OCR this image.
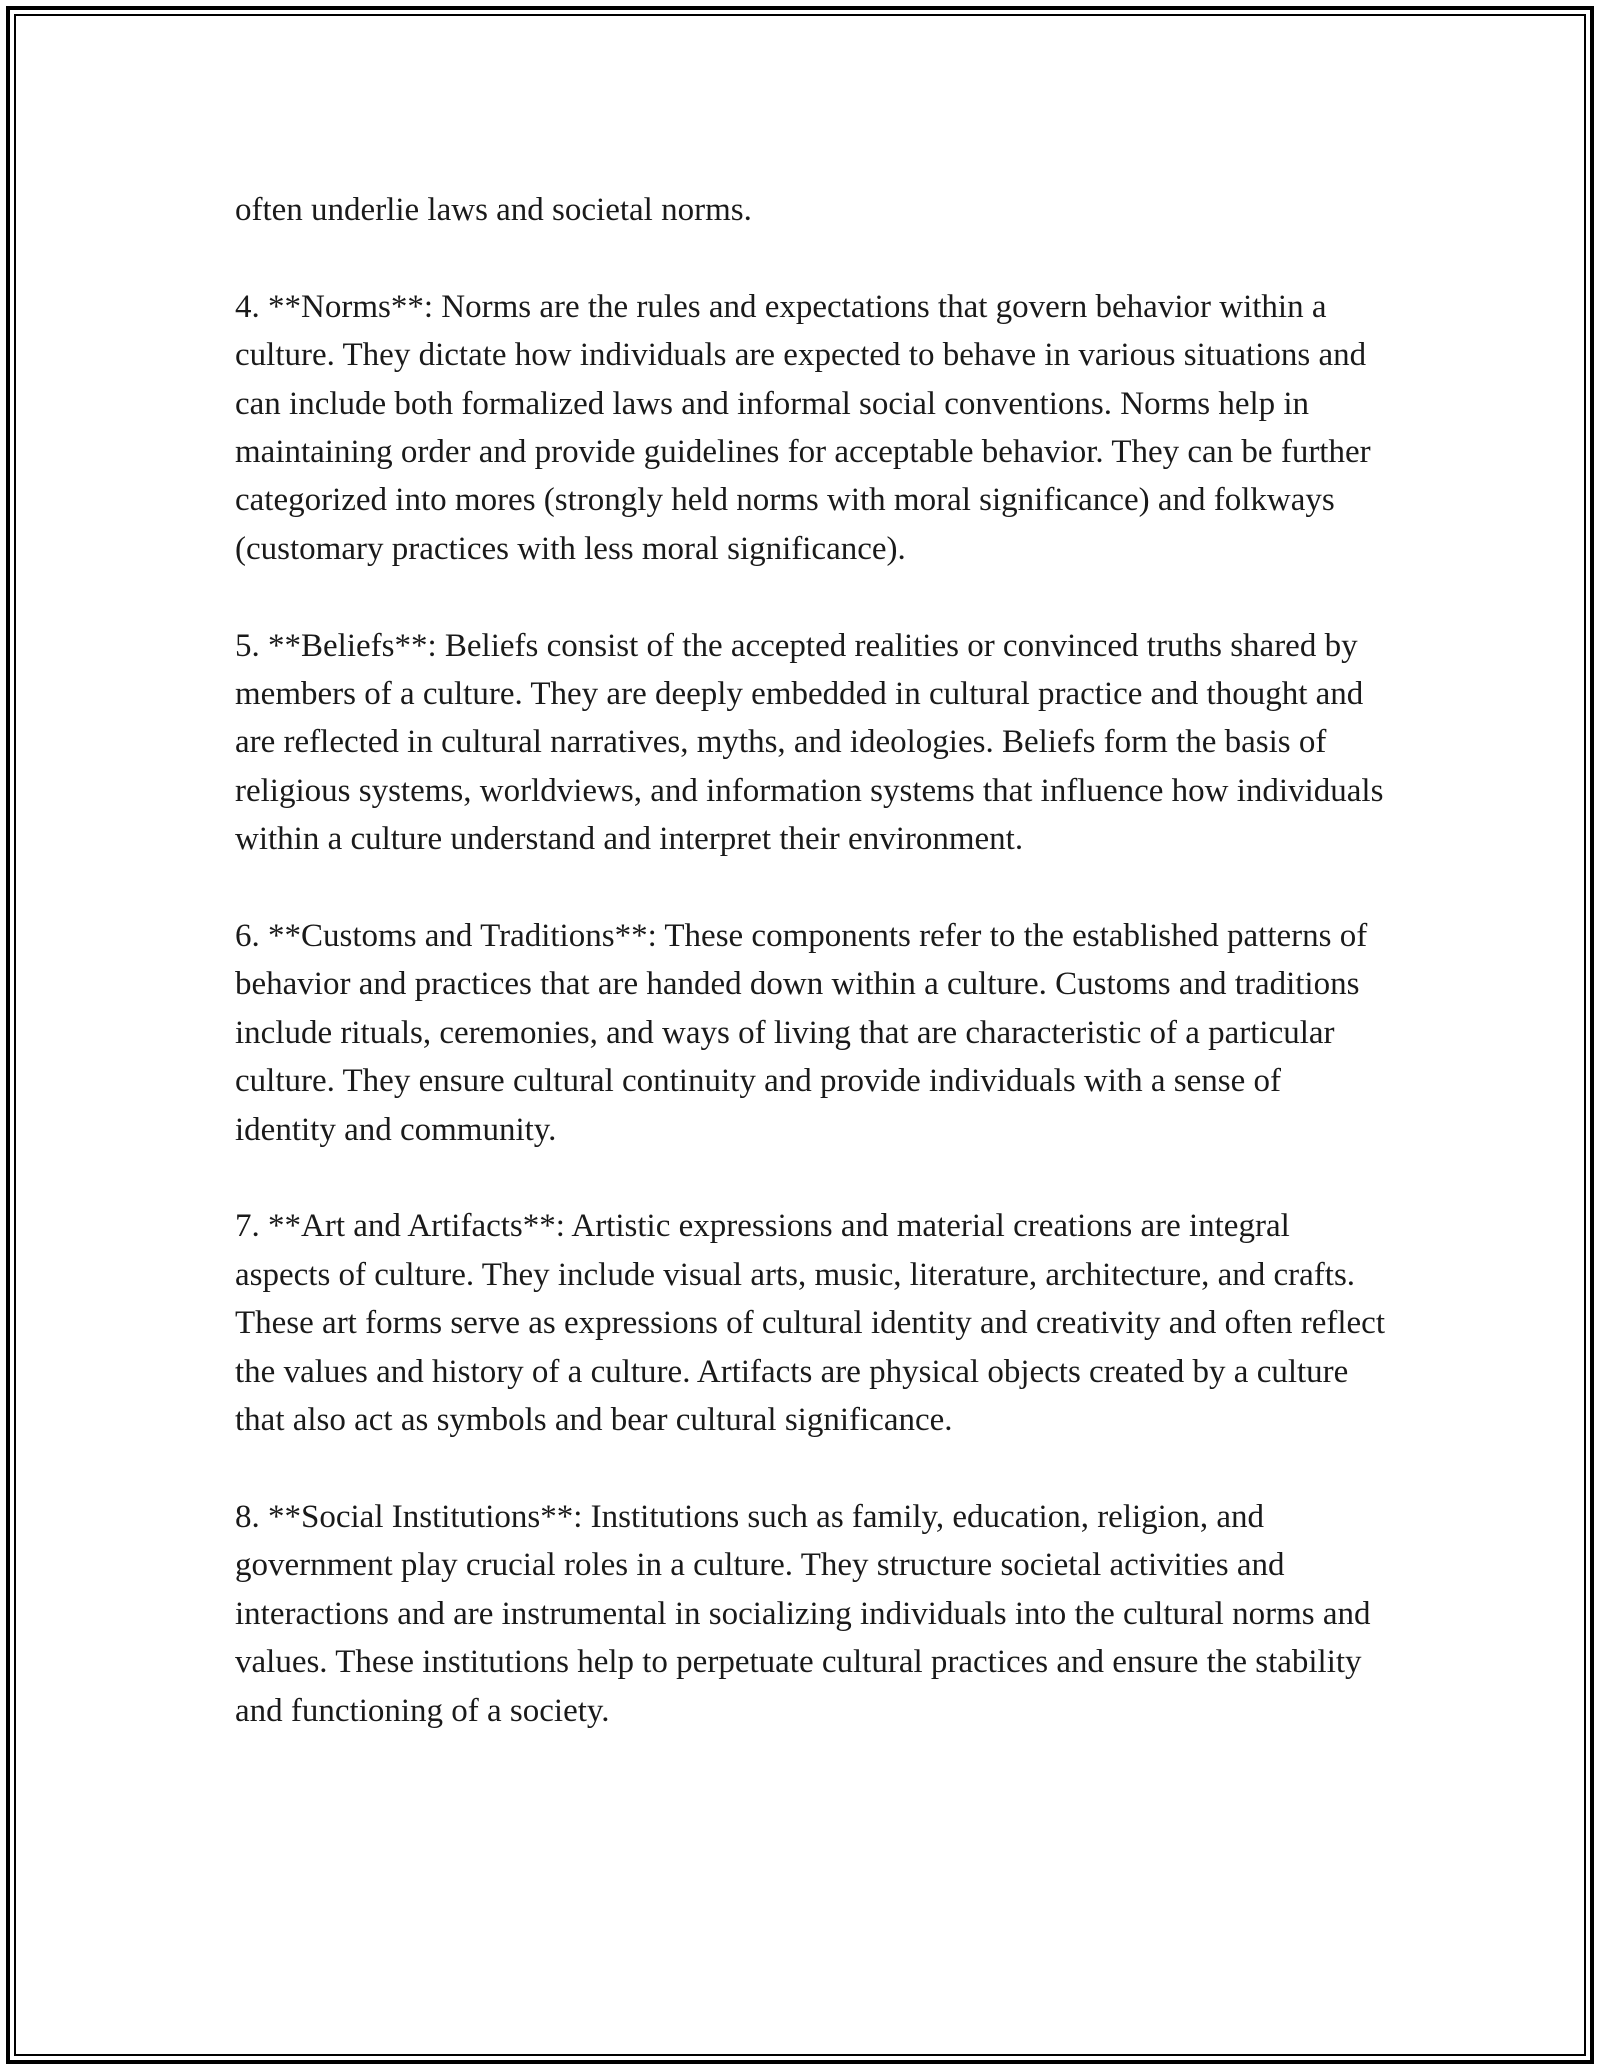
often underlie laws and societal norms.

4. **Norms**: Norms are the rules and expectations that govern behavior within a culture. They dictate how individuals are expected to behave in various situations and can include both formalized laws and informal social conventions. Norms help in maintaining order and provide guidelines for acceptable behavior. They can be further categorized into mores (strongly held norms with moral significance) and folkways (customary practices with less moral significance).

5. **Beliefs**: Beliefs consist of the accepted realities or convinced truths shared by members of a culture. They are deeply embedded in cultural practice and thought and are reflected in cultural narratives, myths, and ideologies. Beliefs form the basis of religious systems, worldviews, and information systems that influence how individuals within a culture understand and interpret their environment.

6. **Customs and Traditions**: These components refer to the established patterns of behavior and practices that are handed down within a culture. Customs and traditions include rituals, ceremonies, and ways of living that are characteristic of a particular culture. They ensure cultural continuity and provide individuals with a sense of identity and community.

7. **Art and Artifacts**: Artistic expressions and material creations are integral aspects of culture. They include visual arts, music, literature, architecture, and crafts. These art forms serve as expressions of cultural identity and creativity and often reflect the values and history of a culture. Artifacts are physical objects created by a culture that also act as symbols and bear cultural significance.

8. **Social Institutions**: Institutions such as family, education, religion, and government play crucial roles in a culture. They structure societal activities and interactions and are instrumental in socializing individuals into the cultural norms and values. These institutions help to perpetuate cultural practices and ensure the stability and functioning of a society.
